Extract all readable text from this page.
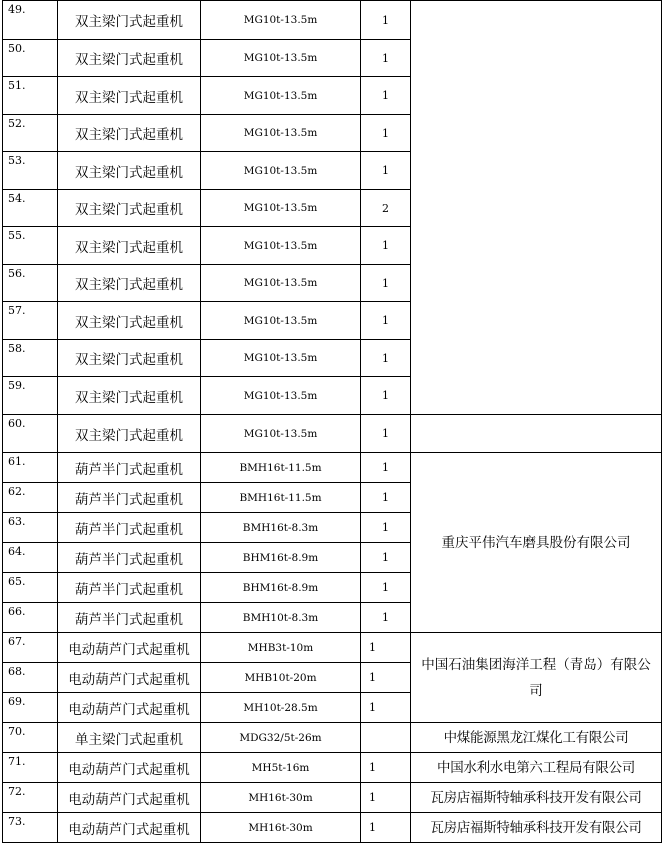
49.	双主梁门式起重机	MG10t-13.5m	1	
50.	双主梁门式起重机	MG10t-13.5m	1	
51.	双主梁门式起重机	MG10t-13.5m	1	
52.	双主梁门式起重机	MG10t-13.5m	1	
53.	双主梁门式起重机	MG10t-13.5m	1	
54.	双主梁门式起重机	MG10t-13.5m	2	
55.	双主梁门式起重机	MG10t-13.5m	1	
56.	双主梁门式起重机	MG10t-13.5m	1	
57.	双主梁门式起重机	MG10t-13.5m	1	
58.	双主梁门式起重机	MG10t-13.5m	1	
59.	双主梁门式起重机	MG10t-13.5m	1	
60.	双主梁门式起重机	MG10t-13.5m	1	
61.	葫芦半门式起重机	BMH16t-11.5m	1	重庆平伟汽车磨具股份有限公司
62.	葫芦半门式起重机	BMH16t-11.5m	1	
63.	葫芦半门式起重机	BMH16t-8.3m	1	
64.	葫芦半门式起重机	BHM16t-8.9m	1	
65.	葫芦半门式起重机	BHM16t-8.9m	1	
66.	葫芦半门式起重机	BMH10t-8.3m	1	
67.	电动葫芦门式起重机	MHB3t-10m	1	中国石油集团海洋工程（青岛）有限公司
68.	电动葫芦门式起重机	MHB10t-20m	1	
69.	电动葫芦门式起重机	MH10t-28.5m	1	
70.	单主梁门式起重机	MDG32/5t-26m		中煤能源黑龙江煤化工有限公司
71.	电动葫芦门式起重机	MH5t-16m	1	中国水利水电第六工程局有限公司
72.	电动葫芦门式起重机	MH16t-30m	1	瓦房店福斯特轴承科技开发有限公司
73.	电动葫芦门式起重机	MH16t-30m	1	瓦房店福斯特轴承科技开发有限公司
